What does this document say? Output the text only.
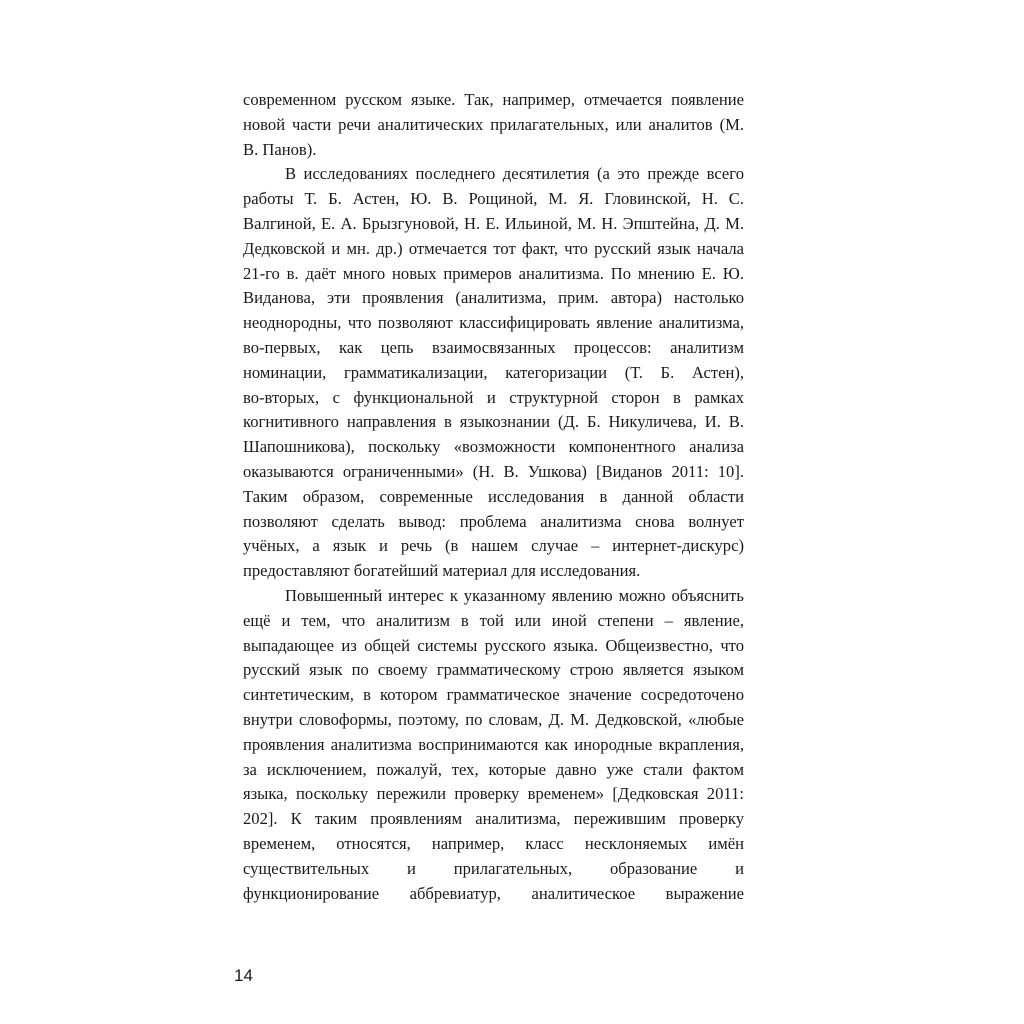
современном русском языке. Так, например, отмечается появление
новой части речи аналитических прилагательных, или аналитов (М.
В. Панов).
В исследованиях последнего десятилетия (а это прежде всего
работы Т. Б. Астен, Ю. В. Рощиной, М. Я. Гловинской, Н. С.
Валгиной, Е. А. Брызгуновой, Н. Е. Ильиной, М. Н. Эпштейна, Д. М.
Дедковской и мн. др.) отмечается тот факт, что русский язык начала
21-го в. даёт много новых примеров аналитизма. По мнению Е. Ю.
Виданова, эти проявления (аналитизма, прим. автора) настолько
неоднородны, что позволяют классифицировать явление аналитизма,
во-первых, как цепь взаимосвязанных процессов: аналитизм
номинации, грамматикализации, категоризации (Т. Б. Астен),
во-вторых, с функциональной и структурной сторон в рамках
когнитивного направления в языкознании (Д. Б. Никуличева, И. В.
Шапошникова), поскольку «возможности компонентного анализа
оказываются ограниченными» (Н. В. Ушкова) [Виданов 2011: 10].
Таким образом, современные исследования в данной области
позволяют сделать вывод: проблема аналитизма снова волнует
учёных, а язык и речь (в нашем случае – интернет-дискурс)
предоставляют богатейший материал для исследования.
Повышенный интерес к указанному явлению можно объяснить
ещё и тем, что аналитизм в той или иной степени – явление,
выпадающее из общей системы русского языка. Общеизвестно, что
русский язык по своему грамматическому строю является языком
синтетическим, в котором грамматическое значение сосредоточено
внутри словоформы, поэтому, по словам, Д. М. Дедковской, «любые
проявления аналитизма воспринимаются как инородные вкрапления,
за исключением, пожалуй, тех, которые давно уже стали фактом
языка, поскольку пережили проверку временем» [Дедковская 2011:
202]. К таким проявлениям аналитизма, пережившим проверку
временем, относятся, например, класс несклоняемых имён
существительных и прилагательных, образование и
функционирование аббревиатур, аналитическое выражение
14
